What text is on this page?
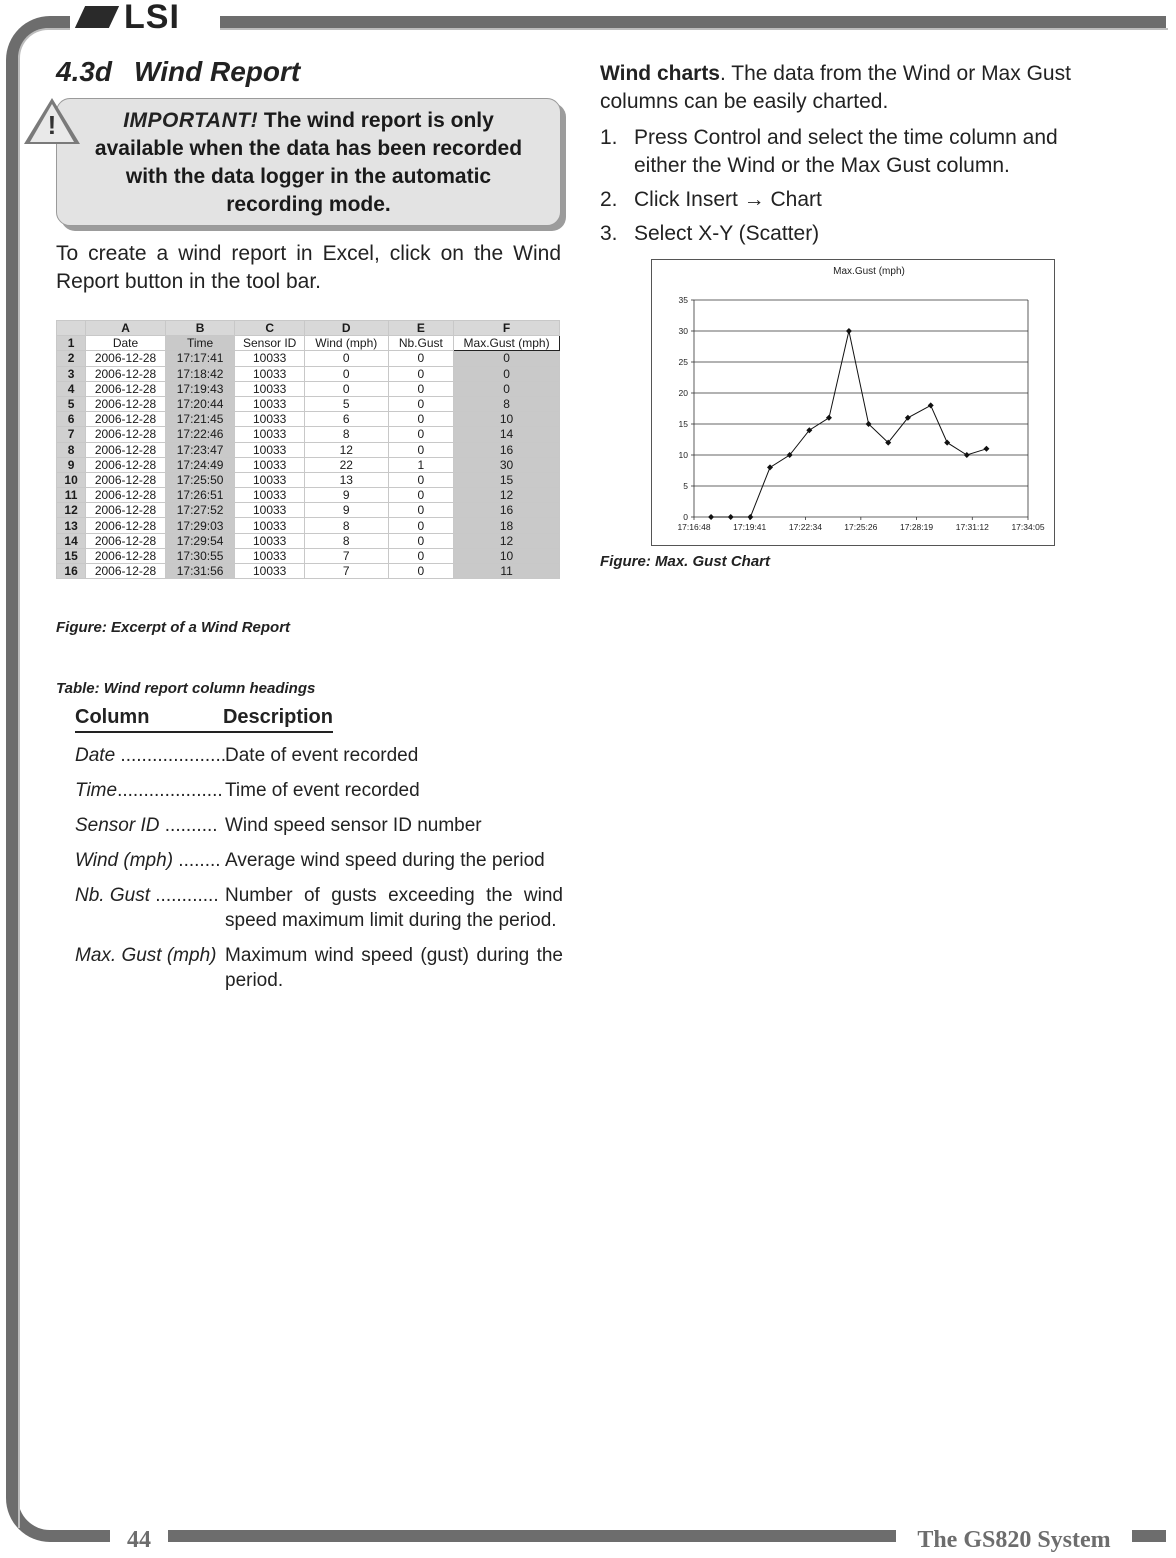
LSI
44	The GS820 System
4.3d Wind Report
IMPORTANT! The wind report is only
available when the data has been recorded
with the data logger in the automatic
recording mode.
!
To create a wind report in Excel, click on the Wind Report button in the tool bar.
	A	B	C	D	E	F
1	Date	Time	Sensor ID	Wind (mph)	Nb.Gust	Max.Gust (mph)
2	2006-12-28	17:17:41	10033	0	0	0
3	2006-12-28	17:18:42	10033	0	0	0
4	2006-12-28	17:19:43	10033	0	0	0
5	2006-12-28	17:20:44	10033	5	0	8
6	2006-12-28	17:21:45	10033	6	0	10
7	2006-12-28	17:22:46	10033	8	0	14
8	2006-12-28	17:23:47	10033	12	0	16
9	2006-12-28	17:24:49	10033	22	1	30
10	2006-12-28	17:25:50	10033	13	0	15
11	2006-12-28	17:26:51	10033	9	0	12
12	2006-12-28	17:27:52	10033	9	0	16
13	2006-12-28	17:29:03	10033	8	0	18
14	2006-12-28	17:29:54	10033	8	0	12
15	2006-12-28	17:30:55	10033	7	0	10
16	2006-12-28	17:31:56	10033	7	0	11
Figure: Excerpt of a Wind Report
Table: Wind report column headings
Column	Description
Date .................... Date of event recorded
Time.................... Time of event recorded
Sensor ID .......... Wind speed sensor ID number
Wind (mph) ........ Average wind speed during the period
Nb. Gust ............ Number of gusts exceeding the wind speed maximum limit during the period.
Max. Gust (mph) Maximum wind speed (gust) during the period.
Wind charts. The data from the Wind or Max Gust columns can be easily charted.
1. Press Control and select the time column and either the Wind or the Max Gust column.
2. Click Insert → Chart
3. Select X-Y (Scatter)
Max.Gust (mph)
0
5
10
15
20
25
30
35
17:16:48	17:19:41	17:22:34	17:25:26	17:28:19	17:31:12	17:34:05
Figure: Max. Gust Chart
